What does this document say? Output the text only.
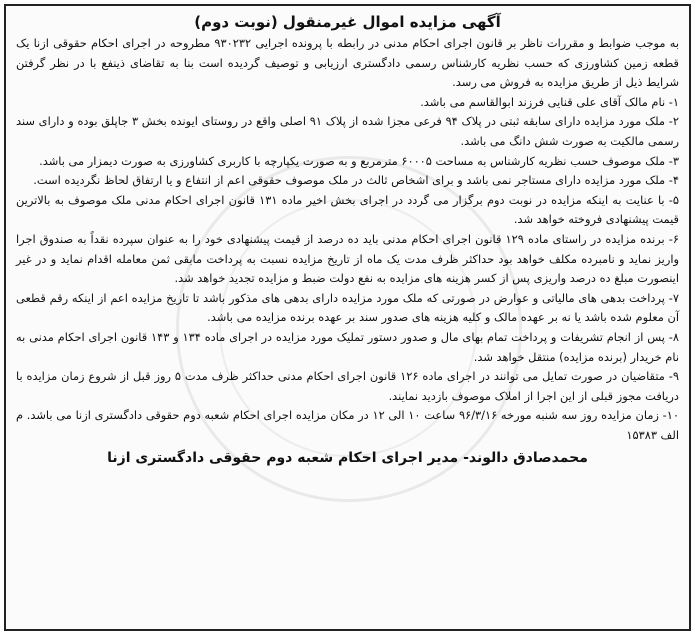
آگهی مزایده اموال غیرمنقول (نوبت دوم)

به موجب ضوابط و مقررات ناظر بر قانون اجرای احکام مدنی در رابطه با پرونده اجرایی ۹۳۰۲۳۲ مطروحه در اجرای احکام حقوقی ازنا یک قطعه زمین کشاورزی که حسب نظریه کارشناس رسمی دادگستری ارزیابی و توصیف گردیده است بنا به تقاضای ذینفع با در نظر گرفتن شرایط ذیل از طریق مزایده به فروش می رسد.

۱- نام مالک آقای علی قنایی فرزند ابوالقاسم می باشد.

۲- ملک مورد مزایده دارای سابقه ثبتی در پلاک ۹۴ فرعی مجزا شده از پلاک ۹۱ اصلی واقع در روستای ایونده بخش ۳ جاپلق بوده و دارای سند رسمی مالکیت به صورت شش دانگ می باشد.

۳- ملک موصوف حسب نظریه کارشناس به مساحت ۶۰۰۰۵ مترمربع و به صورت یکپارچه با کاربری کشاورزی به صورت دیمزار می باشد.

۴- ملک مورد مزایده دارای مستاجر نمی باشد و برای اشخاص ثالث در ملک موصوف حقوقی اعم از انتفاع و یا ارتفاق لحاظ نگردیده است.

۵- با عنایت به اینکه مزایده در نوبت دوم برگزار می گردد در اجرای بخش اخیر ماده ۱۳۱ قانون اجرای احکام مدنی ملک موصوف به بالاترین قیمت پیشنهادی فروخته خواهد شد.

۶- برنده مزایده در راستای ماده ۱۲۹ قانون اجرای احکام مدنی باید ده درصد از قیمت پیشنهادی خود را به عنوان سپرده نقداً به صندوق اجرا واریز نماید و نامبرده مکلف خواهد بود حداکثر ظرف مدت یک ماه از تاریخ مزایده نسبت به پرداخت مابقی ثمن معامله اقدام نماید و در غیر اینصورت مبلغ ده درصد واریزی پس از کسر هزینه های مزایده به نفع دولت ضبط و مزایده تجدید خواهد شد.

۷- پرداخت بدهی های مالیاتی و عوارض در صورتی که ملک مورد مزایده دارای بدهی های مذکور باشد تا تاریخ مزایده اعم از اینکه رقم قطعی آن معلوم شده باشد یا نه بر عهده مالک و کلیه هزینه های صدور سند بر عهده برنده مزایده می باشد.

۸- پس از انجام تشریفات و پرداخت تمام بهای مال و صدور دستور تملیک مورد مزایده در اجرای ماده ۱۳۴ و ۱۴۳ قانون اجرای احکام مدنی به نام خریدار (برنده مزایده) منتقل خواهد شد.

۹- متقاضیان در صورت تمایل می توانند در اجرای ماده ۱۲۶ قانون اجرای احکام مدنی حداکثر ظرف مدت ۵ روز قبل از شروع زمان مزایده با دریافت مجوز قبلی از این اجرا از املاک موصوف بازدید نمایند.

۱۰- زمان مزایده روز سه شنبه مورخه ۹۶/۳/۱۶ ساعت ۱۰ الی ۱۲ در مکان مزایده اجرای احکام شعبه دوم حقوقی دادگستری ازنا می باشد. م الف ۱۵۳۸۳

محمدصادق دالوند- مدیر اجرای احکام شعبه دوم حقوقی دادگستری ازنا
